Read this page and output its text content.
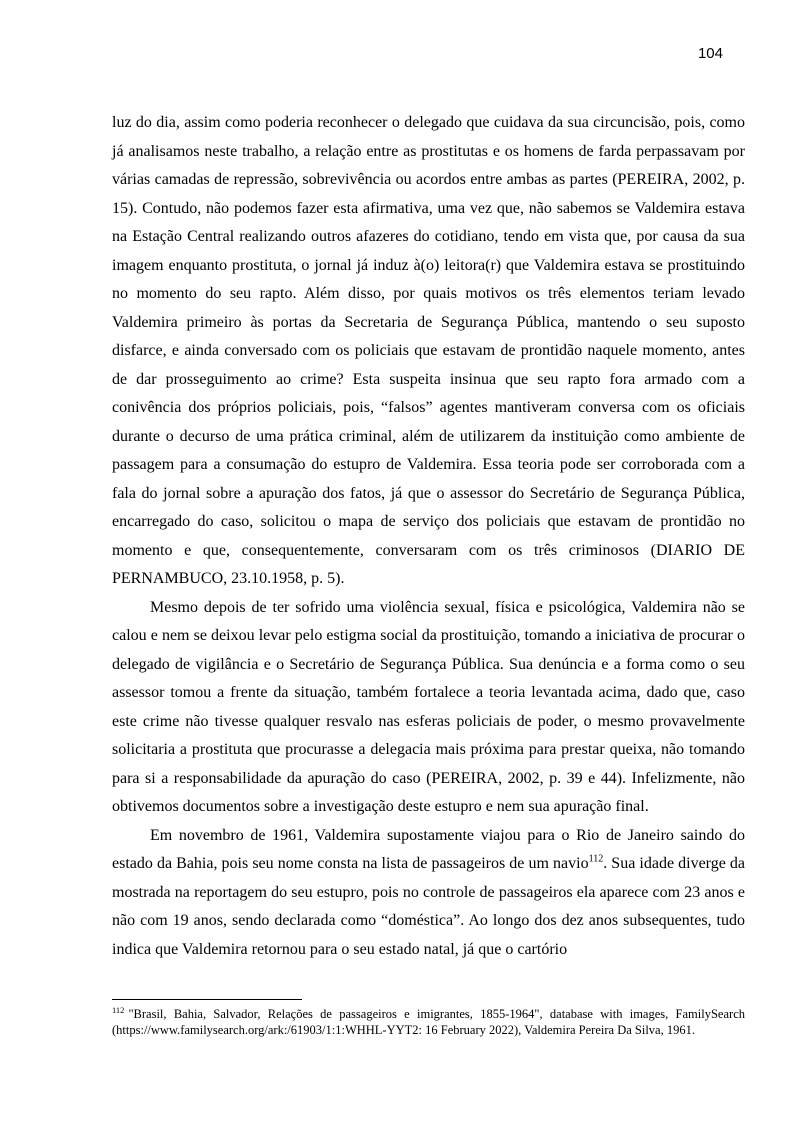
104

luz do dia, assim como poderia reconhecer o delegado que cuidava da sua circuncisão, pois, como já analisamos neste trabalho, a relação entre as prostitutas e os homens de farda perpassavam por várias camadas de repressão, sobrevivência ou acordos entre ambas as partes (PEREIRA, 2002, p. 15). Contudo, não podemos fazer esta afirmativa, uma vez que, não sabemos se Valdemira estava na Estação Central realizando outros afazeres do cotidiano, tendo em vista que, por causa da sua imagem enquanto prostituta, o jornal já induz à(o) leitora(r) que Valdemira estava se prostituindo no momento do seu rapto. Além disso, por quais motivos os três elementos teriam levado Valdemira primeiro às portas da Secretaria de Segurança Pública, mantendo o seu suposto disfarce, e ainda conversado com os policiais que estavam de prontidão naquele momento, antes de dar prosseguimento ao crime? Esta suspeita insinua que seu rapto fora armado com a conivência dos próprios policiais, pois, “falsos” agentes mantiveram conversa com os oficiais durante o decurso de uma prática criminal, além de utilizarem da instituição como ambiente de passagem para a consumação do estupro de Valdemira. Essa teoria pode ser corroborada com a fala do jornal sobre a apuração dos fatos, já que o assessor do Secretário de Segurança Pública, encarregado do caso, solicitou o mapa de serviço dos policiais que estavam de prontidão no momento e que, consequentemente, conversaram com os três criminosos (DIARIO DE PERNAMBUCO, 23.10.1958, p. 5).

Mesmo depois de ter sofrido uma violência sexual, física e psicológica, Valdemira não se calou e nem se deixou levar pelo estigma social da prostituição, tomando a iniciativa de procurar o delegado de vigilância e o Secretário de Segurança Pública. Sua denúncia e a forma como o seu assessor tomou a frente da situação, também fortalece a teoria levantada acima, dado que, caso este crime não tivesse qualquer resvalo nas esferas policiais de poder, o mesmo provavelmente solicitaria a prostituta que procurasse a delegacia mais próxima para prestar queixa, não tomando para si a responsabilidade da apuração do caso (PEREIRA, 2002, p. 39 e 44). Infelizmente, não obtivemos documentos sobre a investigação deste estupro e nem sua apuração final.

Em novembro de 1961, Valdemira supostamente viajou para o Rio de Janeiro saindo do estado da Bahia, pois seu nome consta na lista de passageiros de um navio$^{112}$. Sua idade diverge da mostrada na reportagem do seu estupro, pois no controle de passageiros ela aparece com 23 anos e não com 19 anos, sendo declarada como “doméstica”. Ao longo dos dez anos subsequentes, tudo indica que Valdemira retornou para o seu estado natal, já que o cartório

$^{112}$ "Brasil, Bahia, Salvador, Relações de passageiros e imigrantes, 1855-1964", database with images, FamilySearch (https://www.familysearch.org/ark:/61903/1:1:WHHL-YYT2: 16 February 2022), Valdemira Pereira Da Silva, 1961.
